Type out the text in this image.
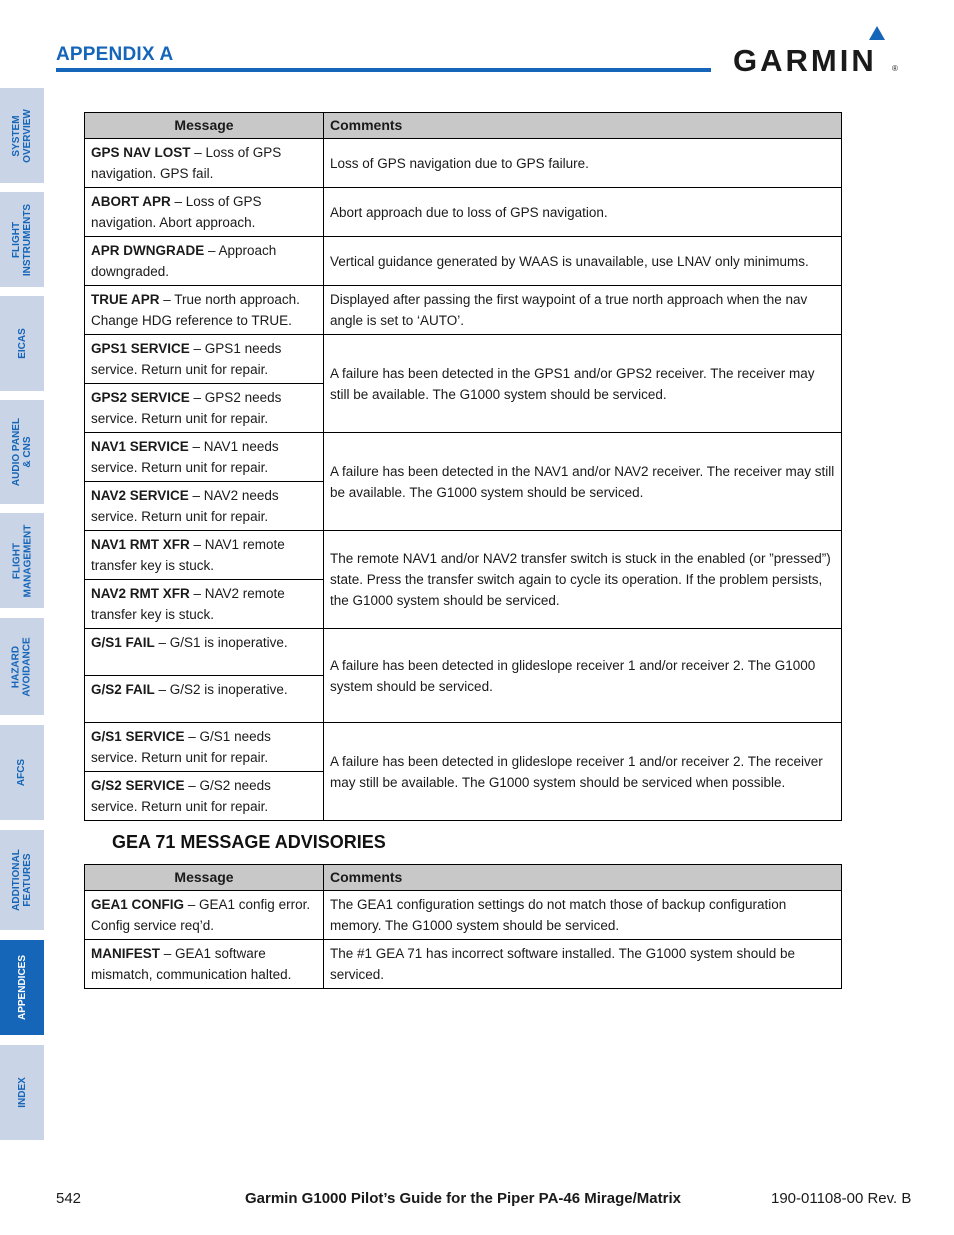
APPENDIX A	GARMIN ®
SYSTEM
OVERVIEW
FLIGHT
INSTRUMENTS
EICAS
AUDIO PANEL
& CNS
FLIGHT
MANAGEMENT
HAZARD
AVOIDANCE
AFCS
ADDITIONAL
FEATURES
APPENDICES
INDEX
Message	Comments
GPS NAV LOST – Loss of GPS navigation. GPS fail.	Loss of GPS navigation due to GPS failure.
ABORT APR – Loss of GPS navigation. Abort approach.	Abort approach due to loss of GPS navigation.
APR DWNGRADE – Approach downgraded.	Vertical guidance generated by WAAS is unavailable, use LNAV only minimums.
TRUE APR – True north approach. Change HDG reference to TRUE.	Displayed after passing the first waypoint of a true north approach when the nav angle is set to ‘AUTO’.
GPS1 SERVICE – GPS1 needs service. Return unit for repair.	A failure has been detected in the GPS1 and/or GPS2 receiver. The receiver may still be available. The G1000 system should be serviced.
GPS2 SERVICE – GPS2 needs service. Return unit for repair.	
NAV1 SERVICE – NAV1 needs service. Return unit for repair.	A failure has been detected in the NAV1 and/or NAV2 receiver. The receiver may still be available. The G1000 system should be serviced.
NAV2 SERVICE – NAV2 needs service. Return unit for repair.	
NAV1 RMT XFR – NAV1 remote transfer key is stuck.	The remote NAV1 and/or NAV2 transfer switch is stuck in the enabled (or ”pressed”) state. Press the transfer switch again to cycle its operation. If the problem persists, the G1000 system should be serviced.
NAV2 RMT XFR – NAV2 remote transfer key is stuck.	
G/S1 FAIL – G/S1 is inoperative.	A failure has been detected in glideslope receiver 1 and/or receiver 2. The G1000 system should be serviced.
G/S2 FAIL – G/S2 is inoperative.	
G/S1 SERVICE – G/S1 needs service. Return unit for repair.	A failure has been detected in glideslope receiver 1 and/or receiver 2. The receiver may still be available. The G1000 system should be serviced when possible.
G/S2 SERVICE – G/S2 needs service. Return unit for repair.	
GEA 71 MESSAGE ADVISORIES
Message	Comments
GEA1 CONFIG – GEA1 config error. Config service req’d.	The GEA1 configuration settings do not match those of backup configuration memory. The G1000 system should be serviced.
MANIFEST – GEA1 software mismatch, communication halted.	The #1 GEA 71 has incorrect software installed. The G1000 system should be serviced.
542	Garmin G1000 Pilot’s Guide for the Piper PA-46 Mirage/Matrix	190-01108-00 Rev. B
